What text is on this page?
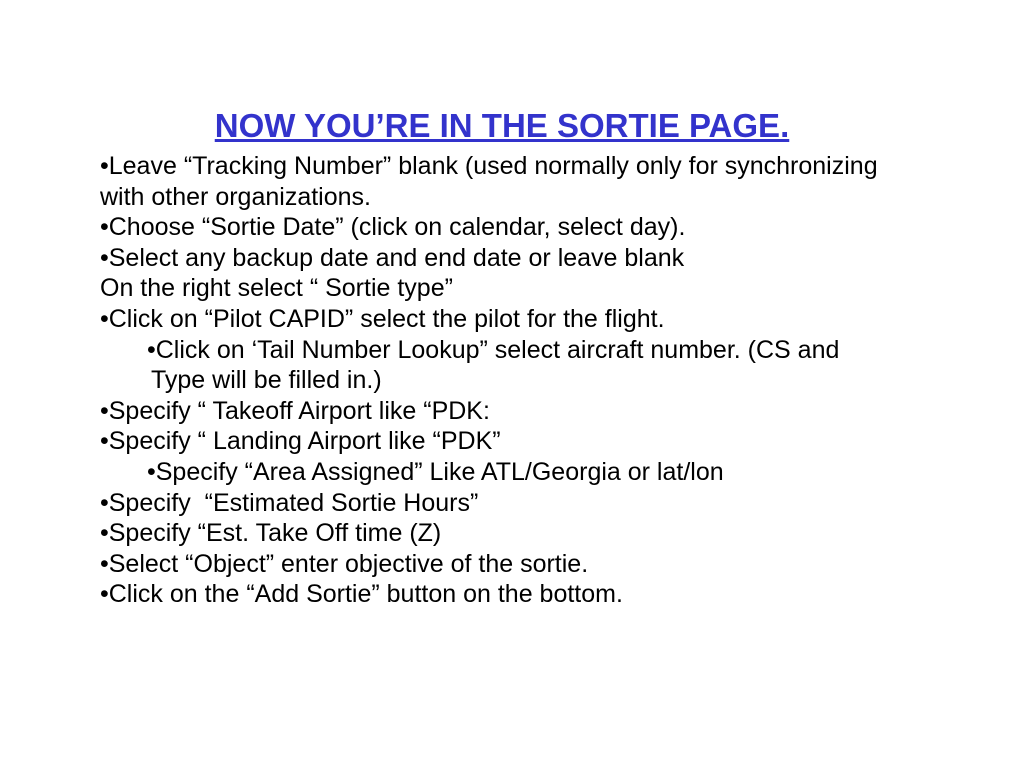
NOW YOU’RE IN THE SORTIE PAGE.
•Leave “Tracking Number” blank (used normally only for synchronizing
with other organizations.
•Choose “Sortie Date” (click on calendar, select day).
•Select any backup date and end date or leave blank
On the right select “ Sortie type”
•Click on “Pilot CAPID” select the pilot for the flight.
•Click on ‘Tail Number Lookup” select aircraft number. (CS and
Type will be filled in.)
•Specify “ Takeoff Airport like “PDK:
•Specify “ Landing Airport like “PDK”
•Specify “Area Assigned” Like ATL/Georgia or lat/lon
•Specify  “Estimated Sortie Hours”
•Specify “Est. Take Off time (Z)
•Select “Object” enter objective of the sortie.
•Click on the “Add Sortie” button on the bottom.
